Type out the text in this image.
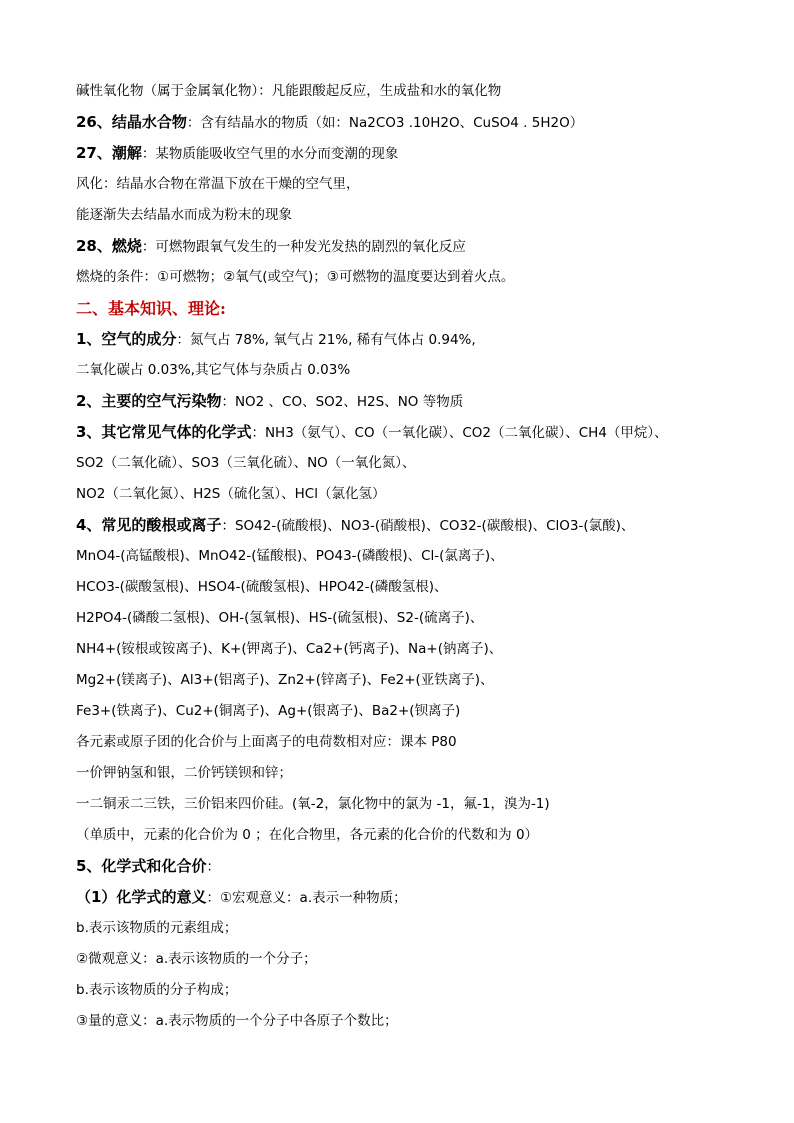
碱性氧化物（属于金属氧化物）：凡能跟酸起反应，生成盐和水的氧化物
26、结晶水合物：含有结晶水的物质（如：Na2CO3 .10H2O、CuSO4 . 5H2O）
27、潮解：某物质能吸收空气里的水分而变潮的现象
风化：结晶水合物在常温下放在干燥的空气里，
能逐渐失去结晶水而成为粉末的现象
28、燃烧：可燃物跟氧气发生的一种发光发热的剧烈的氧化反应
燃烧的条件：①可燃物；②氧气(或空气)；③可燃物的温度要达到着火点。
二、基本知识、理论:
1、空气的成分：氮气占 78%, 氧气占 21%, 稀有气体占 0.94%,
二氧化碳占 0.03%,其它气体与杂质占 0.03%
2、主要的空气污染物：NO2 、CO、SO2、H2S、NO 等物质
3、其它常见气体的化学式：NH3（氨气）、CO（一氧化碳）、CO2（二氧化碳）、CH4（甲烷）、
SO2（二氧化硫）、SO3（三氧化硫）、NO（一氧化氮）、
NO2（二氧化氮）、H2S（硫化氢）、HCl（氯化氢）
4、常见的酸根或离子：SO42-(硫酸根)、NO3-(硝酸根)、CO32-(碳酸根)、ClO3-(氯酸)、
MnO4-(高锰酸根)、MnO42-(锰酸根)、PO43-(磷酸根)、Cl-(氯离子)、
HCO3-(碳酸氢根)、HSO4-(硫酸氢根)、HPO42-(磷酸氢根)、
H2PO4-(磷酸二氢根)、OH-(氢氧根)、HS-(硫氢根)、S2-(硫离子)、
NH4+(铵根或铵离子)、K+(钾离子)、Ca2+(钙离子)、Na+(钠离子)、
Mg2+(镁离子)、Al3+(铝离子)、Zn2+(锌离子)、Fe2+(亚铁离子)、
Fe3+(铁离子)、Cu2+(铜离子)、Ag+(银离子)、Ba2+(钡离子)
各元素或原子团的化合价与上面离子的电荷数相对应：课本 P80
一价钾钠氢和银，二价钙镁钡和锌；
一二铜汞二三铁，三价铝来四价硅。(氧-2，氯化物中的氯为 -1，氟-1，溴为-1)
（单质中，元素的化合价为 0 ；在化合物里，各元素的化合价的代数和为 0）
5、化学式和化合价：
（1）化学式的意义：①宏观意义：a.表示一种物质；
b.表示该物质的元素组成；
②微观意义：a.表示该物质的一个分子；
b.表示该物质的分子构成；
③量的意义：a.表示物质的一个分子中各原子个数比；
